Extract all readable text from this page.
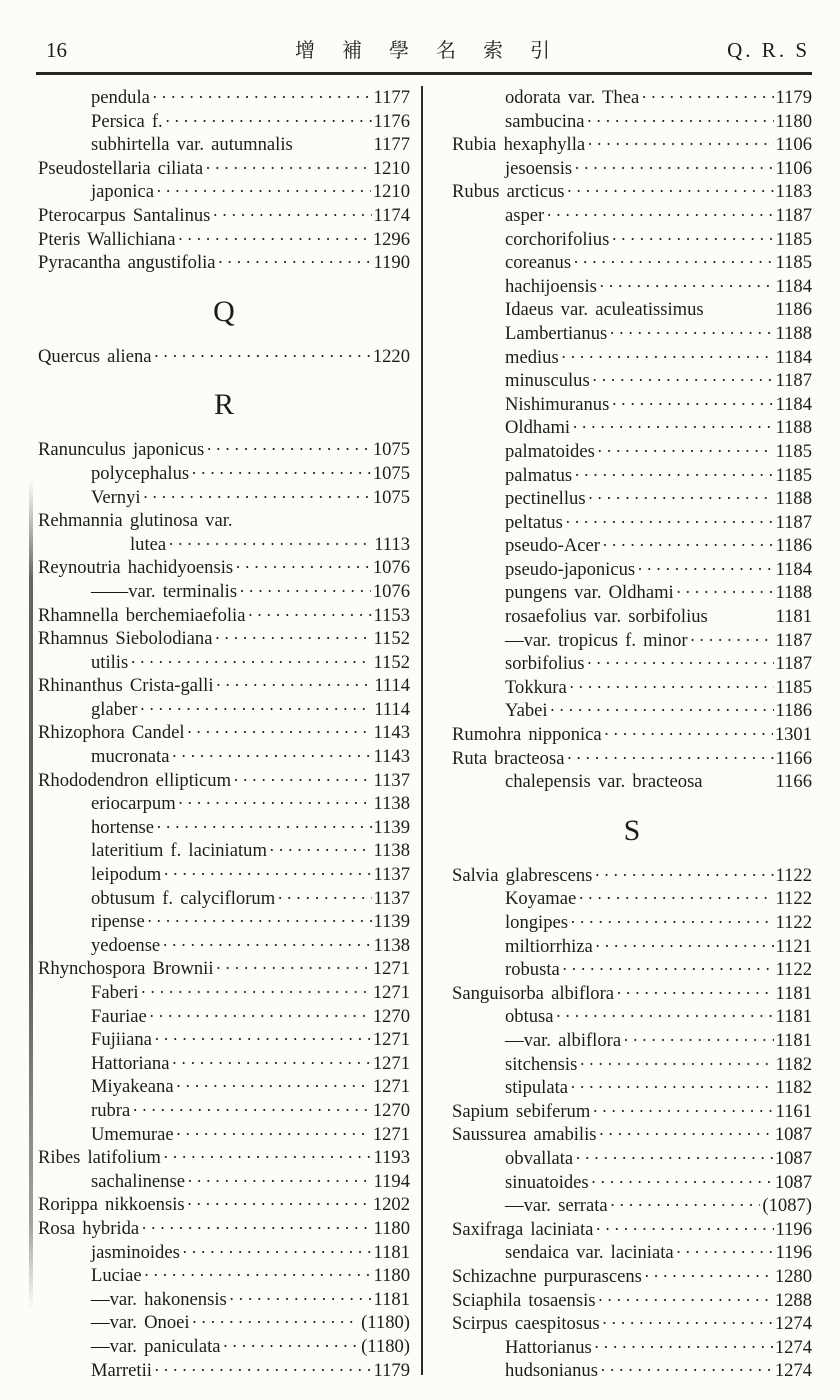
16	增 補 學 名 索 引	Q. R. S
pendula ·····	1177
Persica f. ·····	1176
subhirtella var. autumnalis	1177
Pseudostellaria ciliata ·····	1210
japonica ·····	1210
Pterocarpus Santalinus ·····	1174
Pteris Wallichiana ·····	1296
Pyracantha angustifolia ·····	1190
Q
Quercus aliena ·····	1220
R
Ranunculus japonicus ·····	1075
polycephalus ·····	1075
Vernyi ·····	1075
Rehmannia glutinosa var.
lutea ·····	1113
Reynoutria hachidyoensis ·····	1076
——var. terminalis ·····	1076
Rhamnella berchemiaefolia ·····	1153
Rhamnus Siebolodiana ·····	1152
utilis ·····	1152
Rhinanthus Crista-galli ·····	1114
glaber ·····	1114
Rhizophora Candel ·····	1143
mucronata ·····	1143
Rhododendron ellipticum ·····	1137
eriocarpum ·····	1138
hortense ·····	1139
lateritium f. laciniatum ·····	1138
leipodum ·····	1137
obtusum f. calyciflorum ·····	1137
ripense ·····	1139
yedoense ·····	1138
Rhynchospora Brownii ·····	1271
Faberi ·····	1271
Fauriae ·····	1270
Fujiiana ·····	1271
Hattoriana ·····	1271
Miyakeana ·····	1271
rubra ·····	1270
Umemurae ·····	1271
Ribes latifolium ·····	1193
sachalinense ·····	1194
Rorippa nikkoensis ·····	1202
Rosa hybrida ·····	1180
jasminoides ·····	1181
Luciae ·····	1180
—var. hakonensis ·····	1181
—var. Onoei ·····	(1180)
—var. paniculata ·····	(1180)
Marretii ·····	1179
odorata var. Thea ·····	1179
sambucina ·····	1180
Rubia hexaphylla ·····	1106
jesoensis ·····	1106
Rubus arcticus ·····	1183
asper ·····	1187
corchorifolius ·····	1185
coreanus ·····	1185
hachijoensis ·····	1184
Idaeus var. aculeatissimus	1186
Lambertianus ·····	1188
medius ·····	1184
minusculus ·····	1187
Nishimuranus ·····	1184
Oldhami ·····	1188
palmatoides ·····	1185
palmatus ·····	1185
pectinellus ·····	1188
peltatus ·····	1187
pseudo-Acer ·····	1186
pseudo-japonicus ·····	1184
pungens var. Oldhami ·····	1188
rosaefolius var. sorbifolius	1181
—var. tropicus f. minor ·····	1187
sorbifolius ·····	1187
Tokkura ·····	1185
Yabei ·····	1186
Rumohra nipponica ·····	1301
Ruta bracteosa ·····	1166
chalepensis var. bracteosa	1166
S
Salvia glabrescens ·····	1122
Koyamae ·····	1122
longipes ·····	1122
miltiorrhiza ·····	1121
robusta ·····	1122
Sanguisorba albiflora ·····	1181
obtusa ·····	1181
—var. albiflora ·····	1181
sitchensis ·····	1182
stipulata ·····	1182
Sapium sebiferum ·····	1161
Saussurea amabilis ·····	1087
obvallata ·····	1087
sinuatoides ·····	1087
—var. serrata ·····	(1087)
Saxifraga laciniata ·····	1196
sendaica var. laciniata ·····	1196
Schizachne purpurascens ·····	1280
Sciaphila tosaensis ·····	1288
Scirpus caespitosus ·····	1274
Hattorianus ·····	1274
hudsonianus ·····	1274
